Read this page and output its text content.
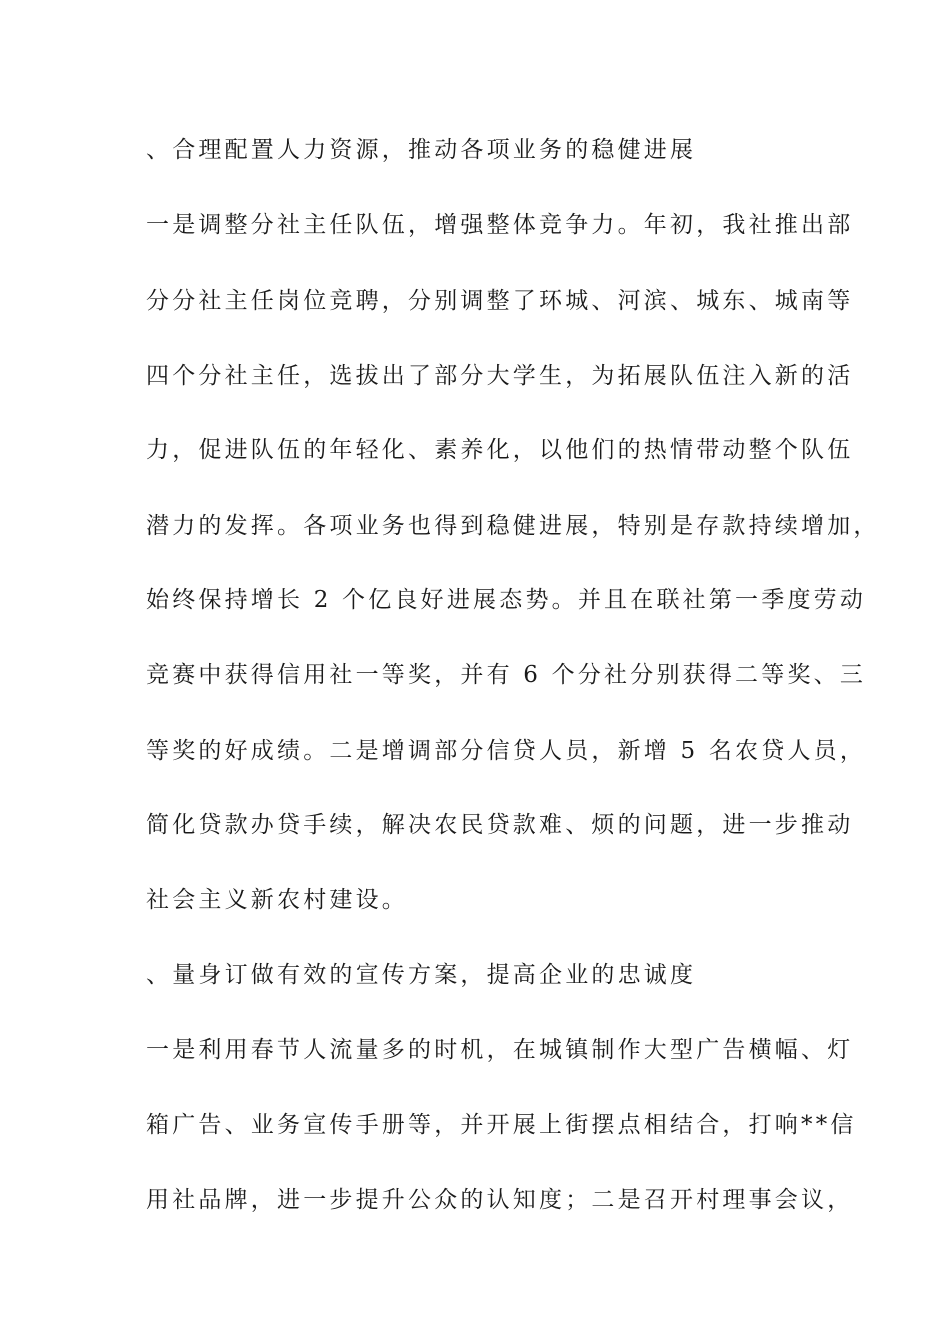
、合理配置人力资源，推动各项业务的稳健进展
一是调整分社主任队伍，增强整体竞争力。年初，我社推出部
分分社主任岗位竞聘，分别调整了环城、河滨、城东、城南等
四个分社主任，选拔出了部分大学生，为拓展队伍注入新的活
力，促进队伍的年轻化、素养化，以他们的热情带动整个队伍
潜力的发挥。各项业务也得到稳健进展，特别是存款持续增加，
始终保持增长 2 个亿良好进展态势。并且在联社第一季度劳动
竞赛中获得信用社一等奖，并有 6 个分社分别获得二等奖、三
等奖的好成绩。二是增调部分信贷人员，新增 5 名农贷人员，
简化贷款办贷手续，解决农民贷款难、烦的问题，进一步推动
社会主义新农村建设。
、量身订做有效的宣传方案，提高企业的忠诚度
一是利用春节人流量多的时机，在城镇制作大型广告横幅、灯
箱广告、业务宣传手册等，并开展上街摆点相结合，打响**信
用社品牌，进一步提升公众的认知度；二是召开村理事会议，
